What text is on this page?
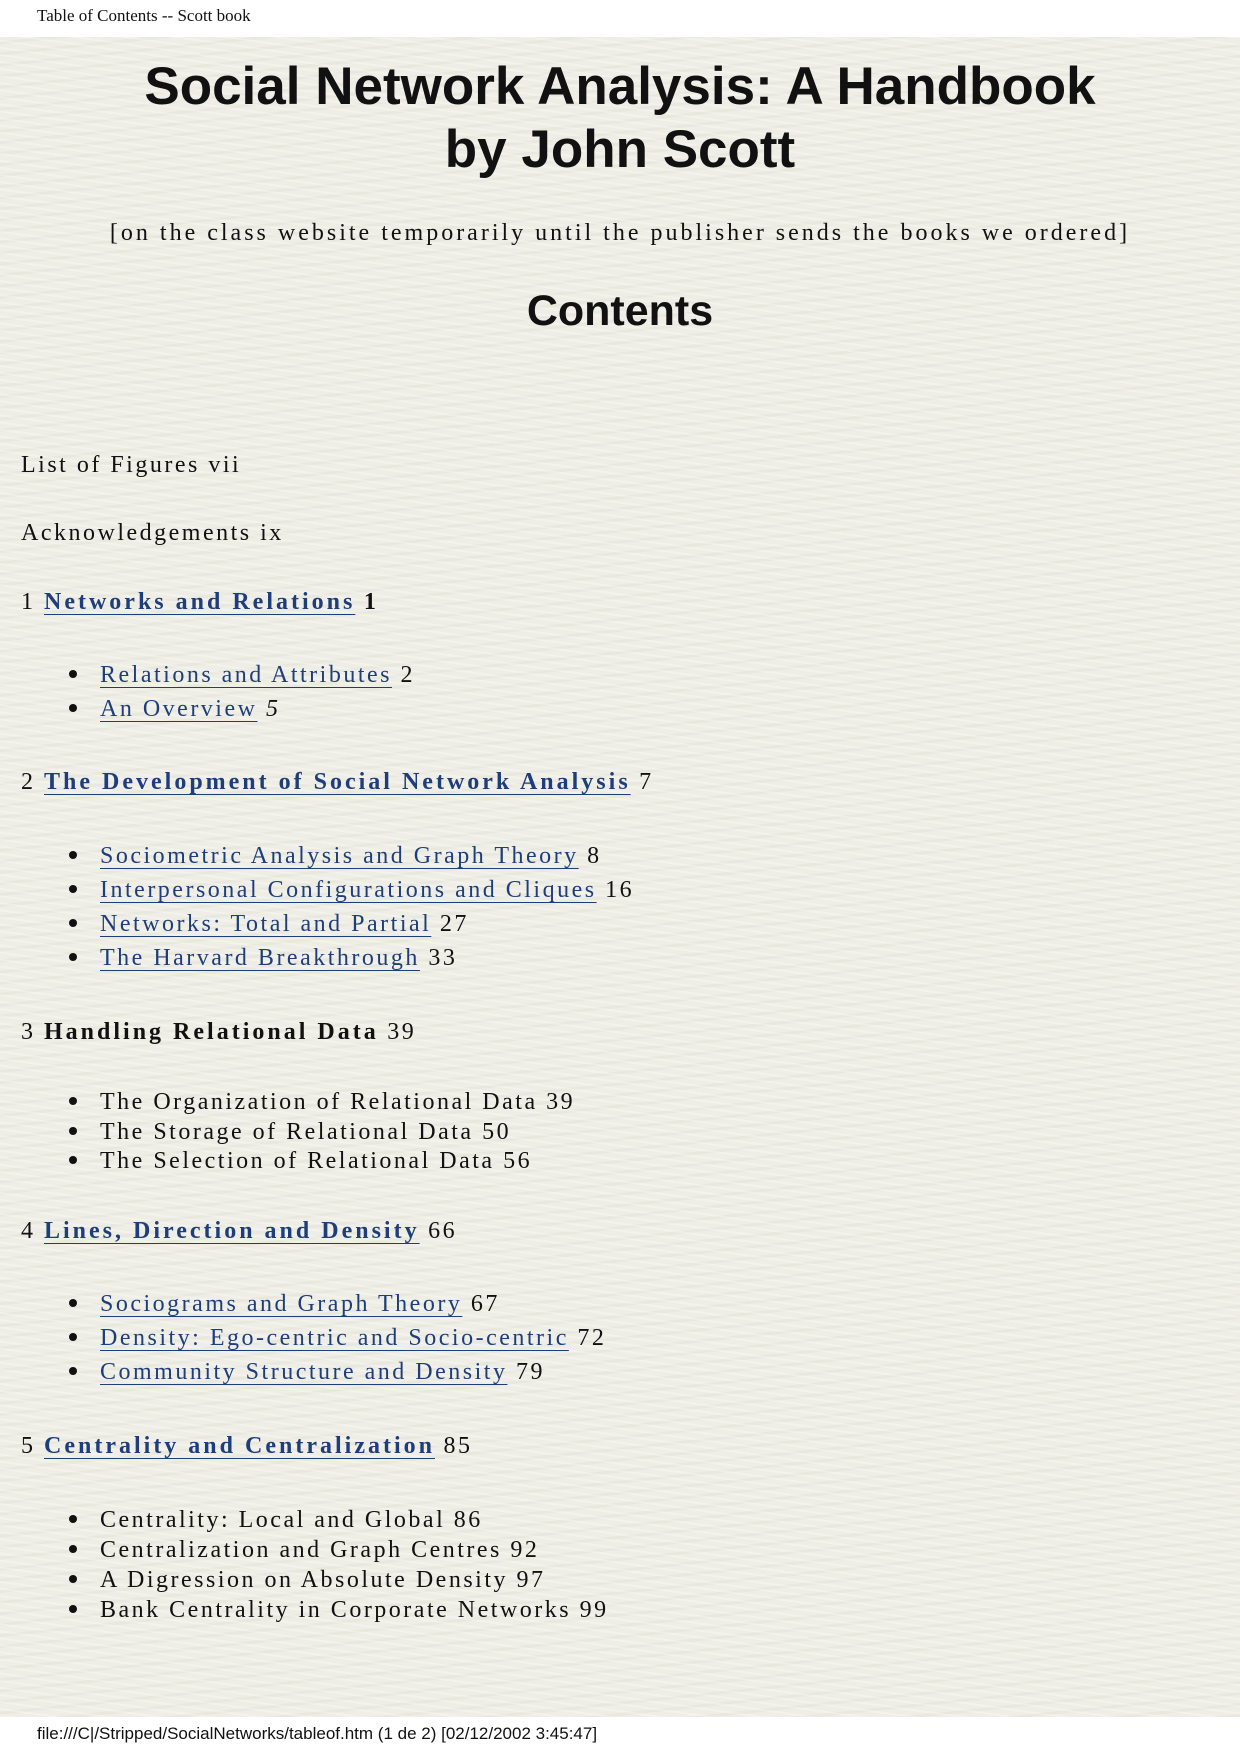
Table of Contents -- Scott book
Social Network Analysis: A Handbook
by John Scott
[on the class website temporarily until the publisher sends the books we ordered]
Contents
List of Figures vii
Acknowledgements ix
1 Networks and Relations 1
Relations and Attributes 2
An Overview 5
2 The Development of Social Network Analysis 7
Sociometric Analysis and Graph Theory 8
Interpersonal Configurations and Cliques 16
Networks: Total and Partial 27
The Harvard Breakthrough 33
3 Handling Relational Data 39
The Organization of Relational Data 39
The Storage of Relational Data 50
The Selection of Relational Data 56
4 Lines, Direction and Density 66
Sociograms and Graph Theory 67
Density: Ego-centric and Socio-centric 72
Community Structure and Density 79
5 Centrality and Centralization 85
Centrality: Local and Global 86
Centralization and Graph Centres 92
A Digression on Absolute Density 97
Bank Centrality in Corporate Networks 99
file:///C|/Stripped/SocialNetworks/tableof.htm (1 de 2) [02/12/2002 3:45:47]
